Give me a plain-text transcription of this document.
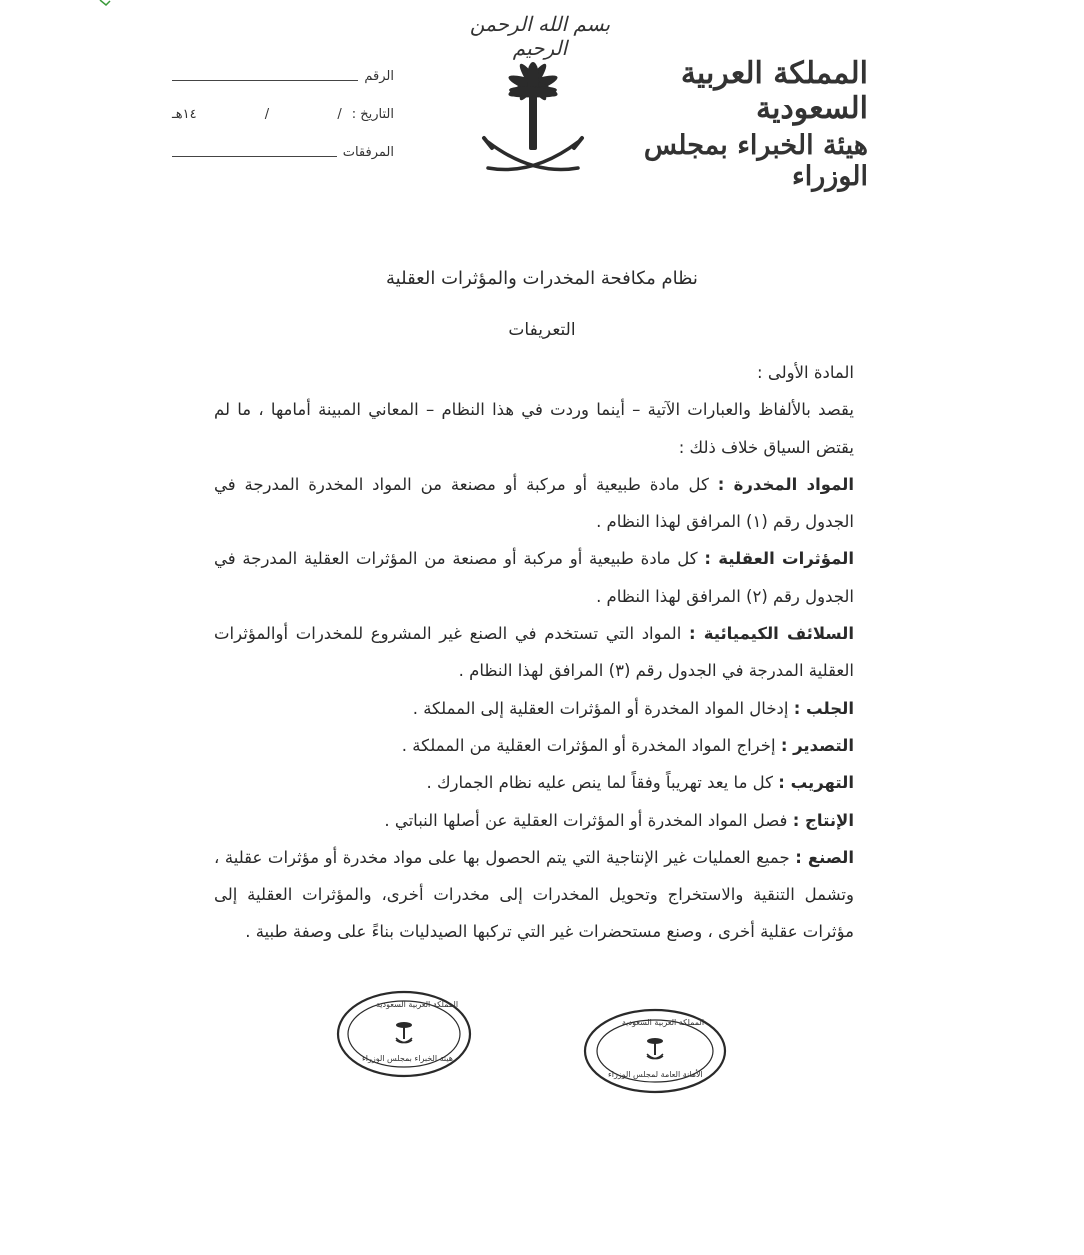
بسم الله الرحمن الرحيم
المملكة العربية السعودية
هيئة الخبراء بمجلس الوزراء
الرقم
التاريخ :
/
/
١٤هـ
المرفقات
نظام مكافحة المخدرات والمؤثرات العقلية
التعريفات

المادة الأولى :

يقصد بالألفاظ والعبارات الآتية – أينما وردت في هذا النظام – المعاني المبينة أمامها ، ما لم يقتض السياق خلاف ذلك :

المواد المخدرة : كل مادة طبيعية أو مركبة أو مصنعة من المواد المخدرة المدرجة في الجدول رقم (١) المرافق لهذا النظام .

المؤثرات العقلية : كل مادة طبيعية أو مركبة أو مصنعة من المؤثرات العقلية المدرجة في الجدول رقم (٢) المرافق لهذا النظام .

السلائف الكيميائية : المواد التي تستخدم في الصنع غير المشروع للمخدرات أوالمؤثرات العقلية المدرجة في الجدول رقم (٣) المرافق لهذا النظام .

الجلب : إدخال المواد المخدرة أو المؤثرات العقلية إلى المملكة .

التصدير : إخراج المواد المخدرة أو المؤثرات العقلية من المملكة .

التهريب : كل ما يعد تهريباً وفقاً لما ينص عليه نظام الجمارك .

الإنتاج : فصل المواد المخدرة أو المؤثرات العقلية عن أصلها النباتي .

الصنع : جميع العمليات غير الإنتاجية التي يتم الحصول بها على مواد مخدرة أو مؤثرات عقلية ، وتشمل التنقية والاستخراج وتحويل المخدرات إلى مخدرات أخرى، والمؤثرات العقلية إلى مؤثرات عقلية أخرى ، وصنع مستحضرات غير التي تركبها الصيدليات بناءً على وصفة طبية .

المملكة العربية السعودية
هيئة الخبراء بمجلس الوزراء
المملكة العربية السعودية
الأمانة العامة لمجلس الوزراء
